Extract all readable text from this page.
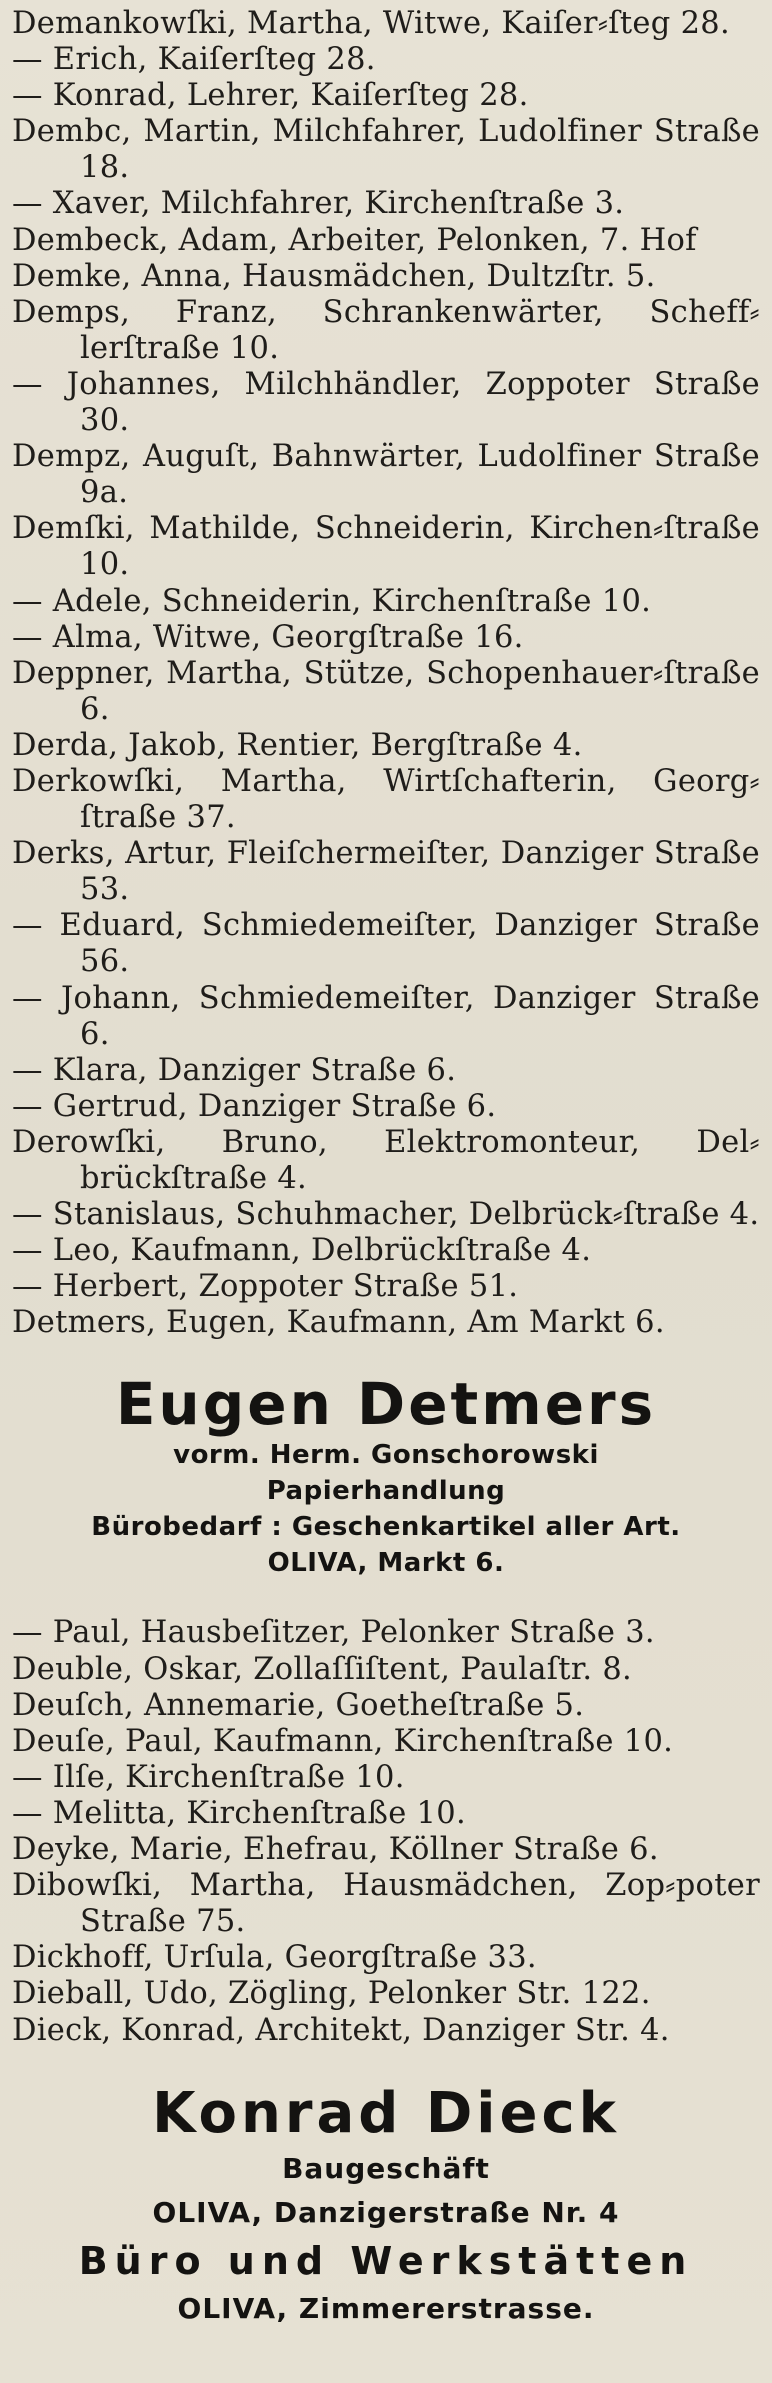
Demankowſki, Martha, Witwe, Kaiſer⸗ſteg 28.

— Erich, Kaiſerſteg 28.

— Konrad, Lehrer, Kaiſerſteg 28.

Dembc, Martin, Milchfahrer, Ludolfiner Straße 18.

— Xaver, Milchfahrer, Kirchenſtraße 3.

Dembeck, Adam, Arbeiter, Pelonken, 7. Hof

Demke, Anna, Hausmädchen, Dultzſtr. 5.

Demps, Franz, Schrankenwärter, Scheff⸗lerſtraße 10.

— Johannes, Milchhändler, Zoppoter Straße 30.

Dempz, Auguſt, Bahnwärter, Ludolfiner Straße 9a.

Demſki, Mathilde, Schneiderin, Kirchen⸗ſtraße 10.

— Adele, Schneiderin, Kirchenſtraße 10.

— Alma, Witwe, Georgſtraße 16.

Deppner, Martha, Stütze, Schopenhauer⸗ſtraße 6.

Derda, Jakob, Rentier, Bergſtraße 4.

Derkowſki, Martha, Wirtſchafterin, Georg⸗ſtraße 37.

Derks, Artur, Fleiſchermeiſter, Danziger Straße 53.

— Eduard, Schmiedemeiſter, Danziger Straße 56.

— Johann, Schmiedemeiſter, Danziger Straße 6.

— Klara, Danziger Straße 6.

— Gertrud, Danziger Straße 6.

Derowſki, Bruno, Elektromonteur, Del⸗brückſtraße 4.

— Stanislaus, Schuhmacher, Delbrück⸗ſtraße 4.

— Leo, Kaufmann, Delbrückſtraße 4.

— Herbert, Zoppoter Straße 51.

Detmers, Eugen, Kaufmann, Am Markt 6.

Eugen Detmers
vorm. Herm. Gonschorowski
Papierhandlung
Bürobedarf : Geschenkartikel aller Art.
OLIVA, Markt 6.

— Paul, Hausbeſitzer, Pelonker Straße 3.

Deuble, Oskar, Zollaſſiſtent, Paulaſtr. 8.

Deuſch, Annemarie, Goetheſtraße 5.

Deuſe, Paul, Kaufmann, Kirchenſtraße 10.

— Ilſe, Kirchenſtraße 10.

— Melitta, Kirchenſtraße 10.

Deyke, Marie, Ehefrau, Köllner Straße 6.

Dibowſki, Martha, Hausmädchen, Zop⸗poter Straße 75.

Dickhoff, Urſula, Georgſtraße 33.

Dieball, Udo, Zögling, Pelonker Str. 122.

Dieck, Konrad, Architekt, Danziger Str. 4.

Konrad Dieck
Baugeschäft
OLIVA, Danzigerstraße Nr. 4
Büro und Werkstätten
OLIVA, Zimmererstrasse.
